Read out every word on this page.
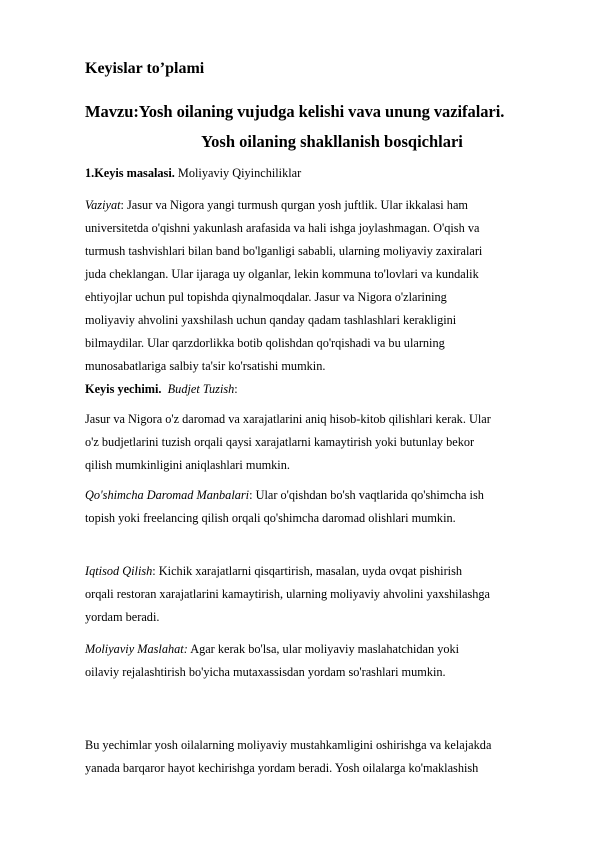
Keyislar to’plami
Mavzu:Yosh oilaning vujudga kelishi vava unung vazifalari.
Yosh oilaning shakllanish bosqichlari

1.Keyis masalasi. Moliyaviy Qiyinchiliklar

Vaziyat: Jasur va Nigora yangi turmush qurgan yosh juftlik. Ular ikkalasi ham
universitetda o'qishni yakunlash arafasida va hali ishga joylashmagan. O'qish va
turmush tashvishlari bilan band bo'lganligi sababli, ularning moliyaviy zaxiralari
juda cheklangan. Ular ijaraga uy olganlar, lekin kommuna to'lovlari va kundalik
ehtiyojlar uchun pul topishda qiynalmoqdalar. Jasur va Nigora o'zlarining
moliyaviy ahvolini yaxshilash uchun qanday qadam tashlashlari kerakligini
bilmaydilar. Ular qarzdorlikka botib qolishdan qo'rqishadi va bu ularning
munosabatlariga salbiy ta'sir ko'rsatishi mumkin.

Keyis yechimi. Budjet Tuzish:

Jasur va Nigora o'z daromad va xarajatlarini aniq hisob-kitob qilishlari kerak. Ular
o'z budjetlarini tuzish orqali qaysi xarajatlarni kamaytirish yoki butunlay bekor
qilish mumkinligini aniqlashlari mumkin.

Qo'shimcha Daromad Manbalari: Ular o'qishdan bo'sh vaqtlarida qo'shimcha ish
topish yoki freelancing qilish orqali qo'shimcha daromad olishlari mumkin.

Iqtisod Qilish: Kichik xarajatlarni qisqartirish, masalan, uyda ovqat pishirish
orqali restoran xarajatlarini kamaytirish, ularning moliyaviy ahvolini yaxshilashga
yordam beradi.

Moliyaviy Maslahat: Agar kerak bo'lsa, ular moliyaviy maslahatchidan yoki
oilaviy rejalashtirish bo'yicha mutaxassisdan yordam so'rashlari mumkin.

Bu yechimlar yosh oilalarning moliyaviy mustahkamligini oshirishga va kelajakda
yanada barqaror hayot kechirishga yordam beradi. Yosh oilalarga ko'maklashish
